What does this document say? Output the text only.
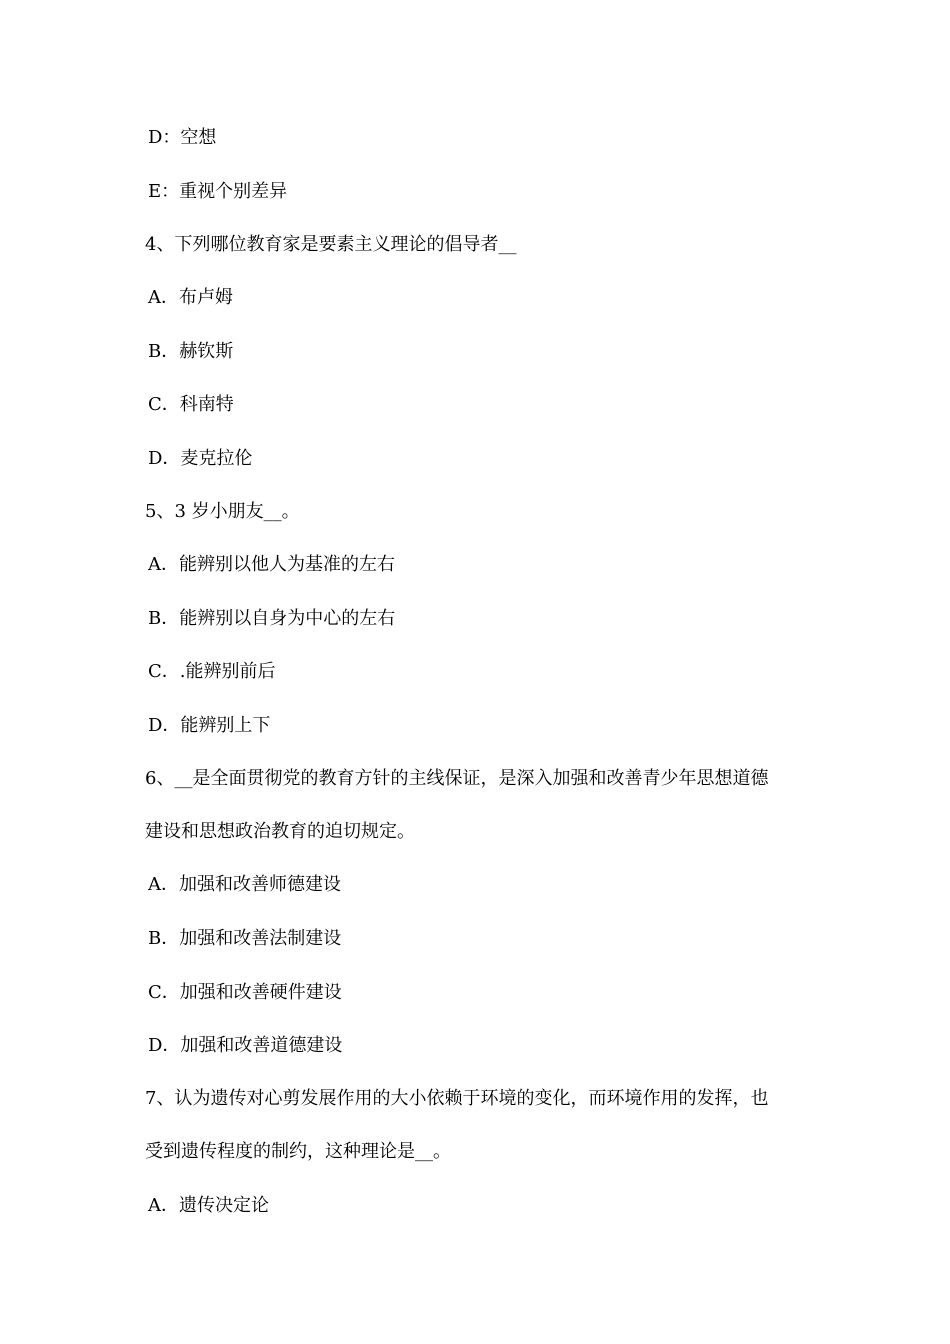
D：空想
E：重视个别差异
4、下列哪位教育家是要素主义理论的倡导者__
A．布卢姆
B．赫钦斯
C．科南特
D．麦克拉伦
5、3 岁小朋友__。
A．能辨别以他人为基准的左右
B．能辨别以自身为中心的左右
C．.能辨别前后
D．能辨别上下
6、__是全面贯彻党的教育方针的主线保证，是深入加强和改善青少年思想道德
建设和思想政治教育的迫切规定。
A．加强和改善师德建设
B．加强和改善法制建设
C．加强和改善硬件建设
D．加强和改善道德建设
7、认为遗传对心剪发展作用的大小依赖于环境的变化，而环境作用的发挥，也
受到遗传程度的制约，这种理论是__。
A．遗传决定论
